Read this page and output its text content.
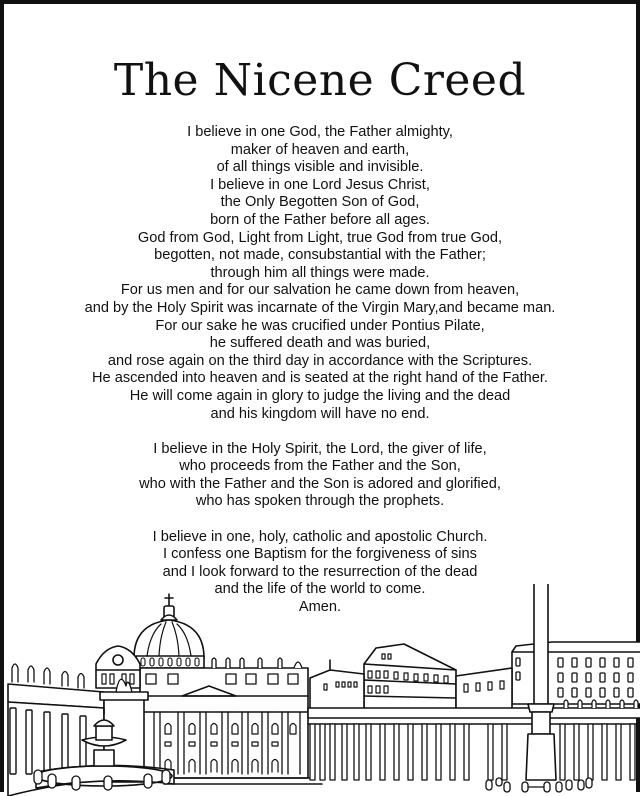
The Nicene Creed
I believe in one God, the Father almighty,
maker of heaven and earth,
of all things visible and invisible.
I believe in one Lord Jesus Christ,
the Only Begotten Son of God,
born of the Father before all ages.
God from God, Light from Light, true God from true God,
begotten, not made, consubstantial with the Father;
through him all things were made.
For us men and for our salvation he came down from heaven,
and by the Holy Spirit was incarnate of the Virgin Mary,and became man.
For our sake he was crucified under Pontius Pilate,
he suffered death and was buried,
and rose again on the third day in accordance with the Scriptures.
He ascended into heaven and is seated at the right hand of the Father.
He will come again in glory to judge the living and the dead
and his kingdom will have no end.
I believe in the Holy Spirit, the Lord, the giver of life,
who proceeds from the Father and the Son,
who with the Father and the Son is adored and glorified,
who has spoken through the prophets.
I believe in one, holy, catholic and apostolic Church.
I confess one Baptism for the forgiveness of sins
and I look forward to the resurrection of the dead
and the life of the world to come.
Amen.
